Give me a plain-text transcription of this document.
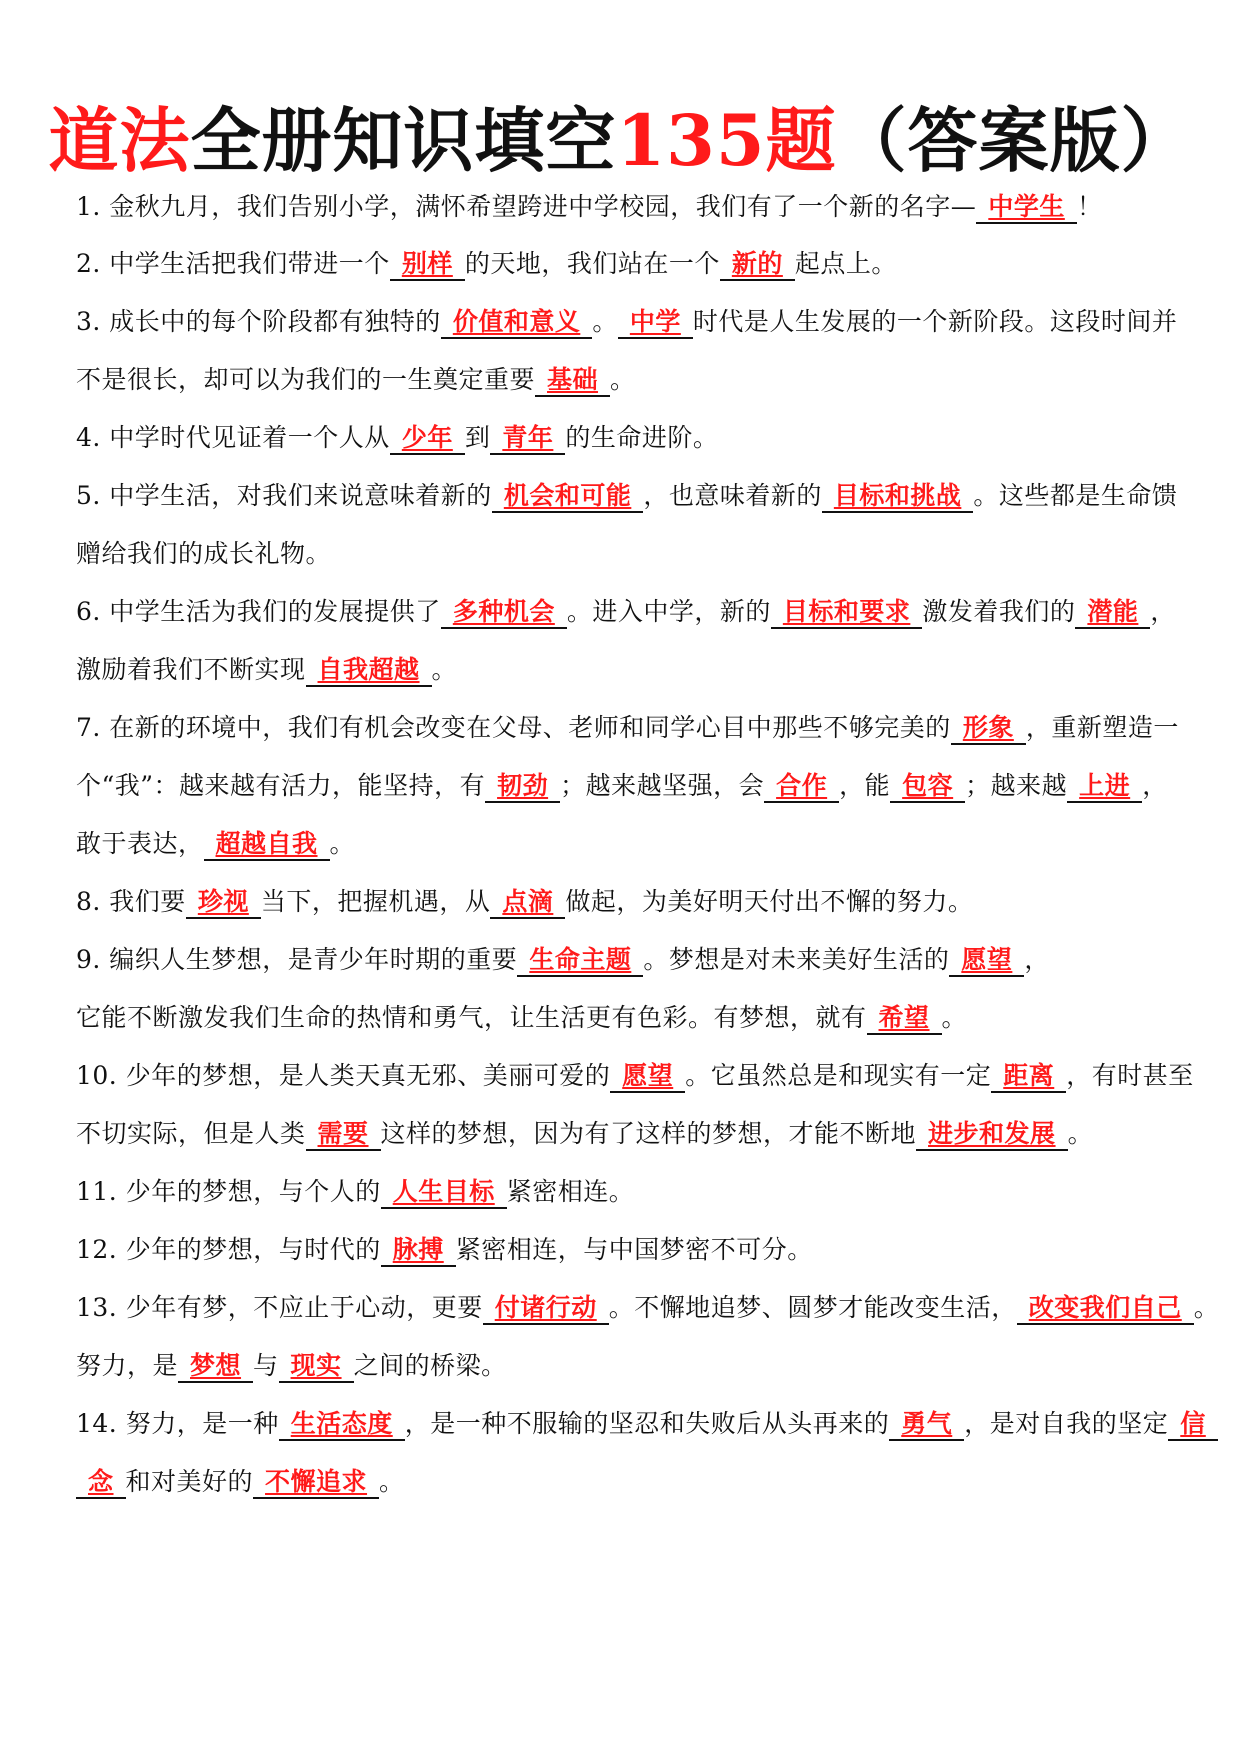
道法全册知识填空135题（答案版）
1. 金秋九月，我们告别小学，满怀希望跨进中学校园，我们有了一个新的名字— 中学生 ！
2. 中学生活把我们带进一个 别样 的天地，我们站在一个 新的 起点上。
3. 成长中的每个阶段都有独特的 价值和意义 。 中学 时代是人生发展的一个新阶段。这段时间并
不是很长，却可以为我们的一生奠定重要 基础 。
4. 中学时代见证着一个人从 少年 到 青年 的生命进阶。
5. 中学生活，对我们来说意味着新的 机会和可能 ，也意味着新的 目标和挑战 。这些都是生命馈
赠给我们的成长礼物。
6. 中学生活为我们的发展提供了 多种机会 。进入中学，新的 目标和要求 激发着我们的 潜能 ，
激励着我们不断实现 自我超越 。
7. 在新的环境中，我们有机会改变在父母、老师和同学心目中那些不够完美的 形象 ，重新塑造一
个“我”：越来越有活力，能坚持，有 韧劲 ；越来越坚强，会 合作 ，能 包容 ；越来越 上进 ，
敢于表达， 超越自我 。
8. 我们要 珍视 当下，把握机遇，从 点滴 做起，为美好明天付出不懈的努力。
9. 编织人生梦想，是青少年时期的重要 生命主题 。梦想是对未来美好生活的 愿望 ，
它能不断激发我们生命的热情和勇气，让生活更有色彩。有梦想，就有 希望 。
10. 少年的梦想，是人类天真无邪、美丽可爱的 愿望 。它虽然总是和现实有一定 距离 ，有时甚至
不切实际，但是人类 需要 这样的梦想，因为有了这样的梦想，才能不断地 进步和发展 。
11. 少年的梦想，与个人的 人生目标 紧密相连。
12. 少年的梦想，与时代的 脉搏 紧密相连，与中国梦密不可分。
13. 少年有梦，不应止于心动，更要 付诸行动 。不懈地追梦、圆梦才能改变生活， 改变我们自己 。
努力，是 梦想 与 现实 之间的桥梁。
14. 努力，是一种 生活态度 ，是一种不服输的坚忍和失败后从头再来的 勇气 ，是对自我的坚定 信
念 和对美好的 不懈追求 。
